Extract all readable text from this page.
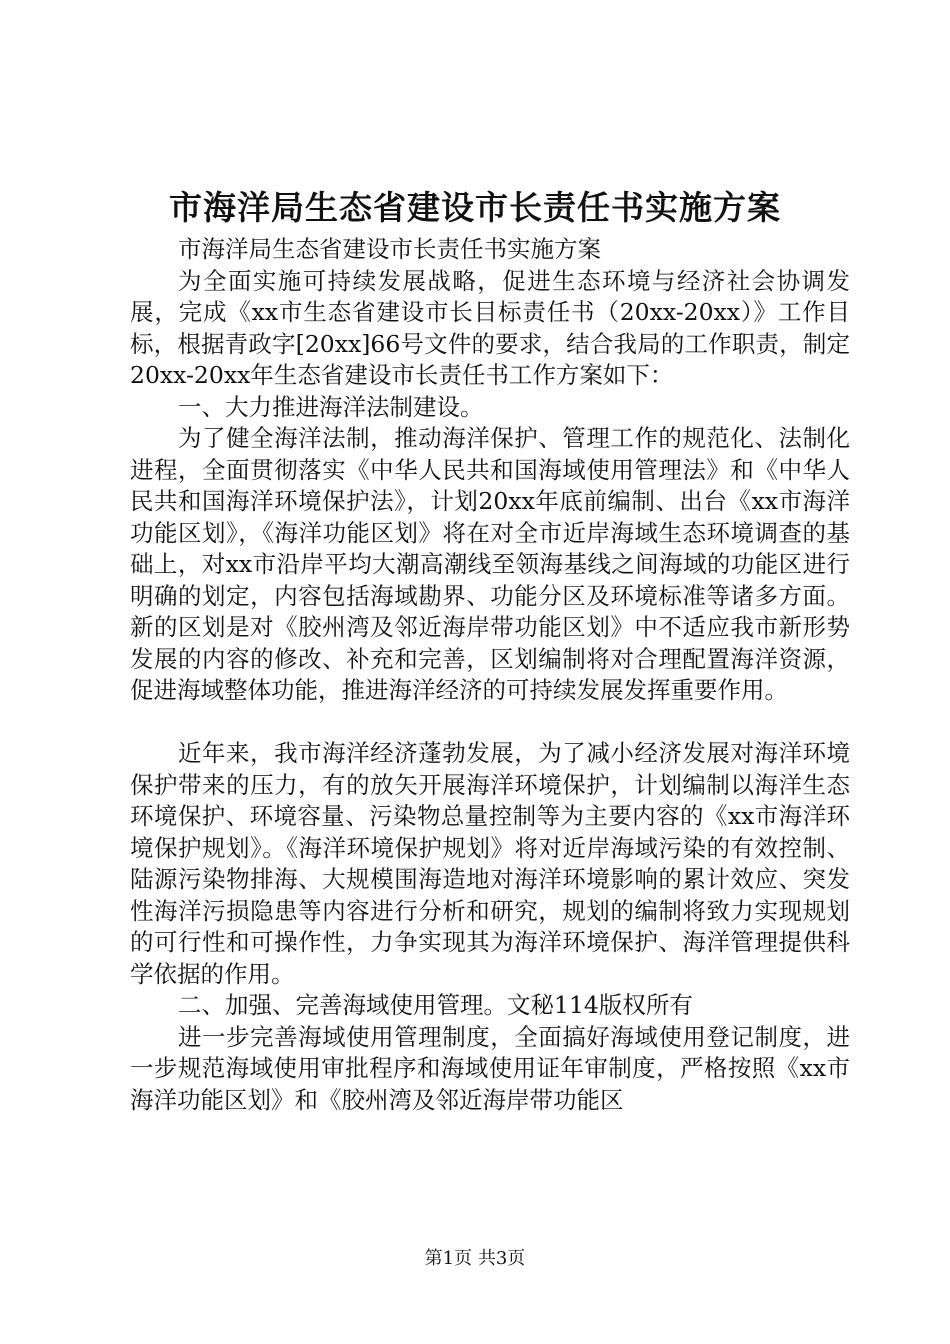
市海洋局生态省建设市长责任书实施方案

市海洋局生态省建设市长责任书实施方案

为全面实施可持续发展战略，促进生态环境与经济社会协调发展，完成《xx市生态省建设市长目标责任书（20xx-20xx）》工作目标，根据青政字[20xx]66号文件的要求，结合我局的工作职责，制定20xx-20xx年生态省建设市长责任书工作方案如下：

一、大力推进海洋法制建设。

为了健全海洋法制，推动海洋保护、管理工作的规范化、法制化进程，全面贯彻落实《中华人民共和国海域使用管理法》和《中华人民共和国海洋环境保护法》，计划20xx年底前编制、出台《xx市海洋功能区划》，《海洋功能区划》将在对全市近岸海域生态环境调查的基础上，对xx市沿岸平均大潮高潮线至领海基线之间海域的功能区进行明确的划定，内容包括海域勘界、功能分区及环境标准等诸多方面。新的区划是对《胶州湾及邻近海岸带功能区划》中不适应我市新形势发展的内容的修改、补充和完善，区划编制将对合理配置海洋资源，促进海域整体功能，推进海洋经济的可持续发展发挥重要作用。

近年来，我市海洋经济蓬勃发展，为了减小经济发展对海洋环境保护带来的压力，有的放矢开展海洋环境保护，计划编制以海洋生态环境保护、环境容量、污染物总量控制等为主要内容的《xx市海洋环境保护规划》。《海洋环境保护规划》将对近岸海域污染的有效控制、陆源污染物排海、大规模围海造地对海洋环境影响的累计效应、突发性海洋污损隐患等内容进行分析和研究，规划的编制将致力实现规划的可行性和可操作性，力争实现其为海洋环境保护、海洋管理提供科学依据的作用。

二、加强、完善海域使用管理。文秘114版权所有

进一步完善海域使用管理制度，全面搞好海域使用登记制度，进一步规范海域使用审批程序和海域使用证年审制度，严格按照《xx市海洋功能区划》和《胶州湾及邻近海岸带功能区

第1页 共3页
